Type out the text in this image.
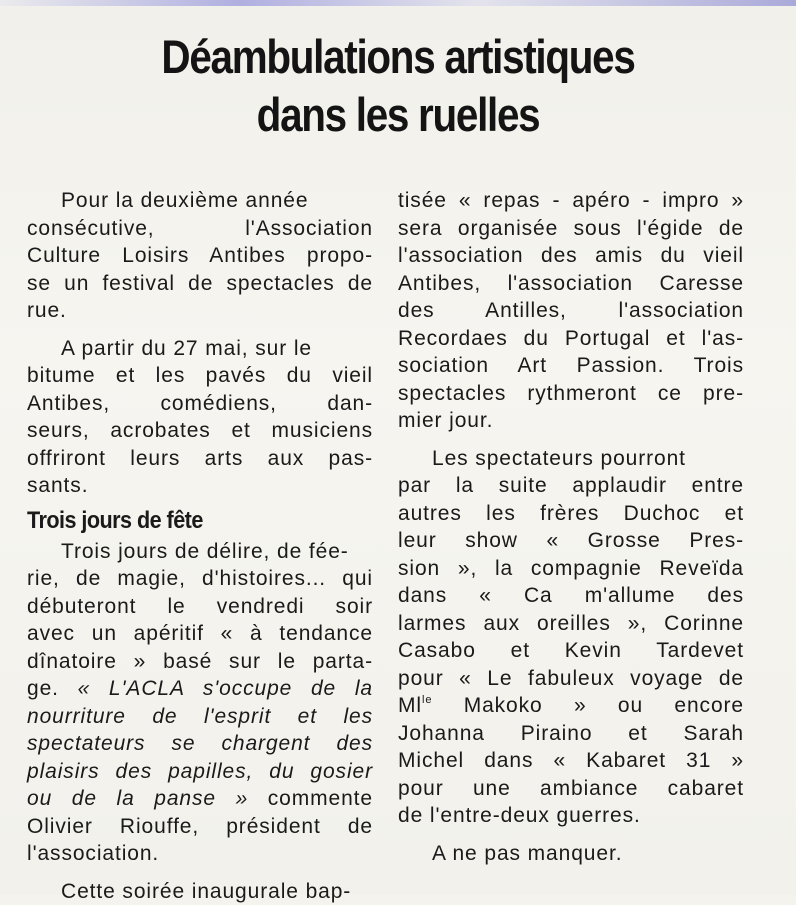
Déambulations artistiques
dans les ruelles
Pour la deuxième année
consécutive, l'Association
Culture Loisirs Antibes propo-
se un festival de spectacles de
rue.
A partir du 27 mai, sur le
bitume et les pavés du vieil
Antibes, comédiens, dan-
seurs, acrobates et musiciens
offriront leurs arts aux pas-
sants.
Trois jours de fête
Trois jours de délire, de fée-
rie, de magie, d'histoires... qui
débuteront le vendredi soir
avec un apéritif « à tendance
dînatoire » basé sur le parta-
ge. « L'ACLA s'occupe de la
nourriture de l'esprit et les
spectateurs se chargent des
plaisirs des papilles, du gosier
ou de la panse » commente
Olivier Riouffe, président de
l'association.
Cette soirée inaugurale bap-
tisée « repas - apéro - impro »
sera organisée sous l'égide de
l'association des amis du vieil
Antibes, l'association Caresse
des Antilles, l'association
Recordaes du Portugal et l'as-
sociation Art Passion. Trois
spectacles rythmeront ce pre-
mier jour.
Les spectateurs pourront
par la suite applaudir entre
autres les frères Duchoc et
leur show « Grosse Pres-
sion », la compagnie Reveïda
dans « Ca m'allume des
larmes aux oreilles », Corinne
Casabo et Kevin Tardevet
pour « Le fabuleux voyage de
$Ml^{le}$ Makoko » ou encore
Johanna Piraino et Sarah
Michel dans « Kabaret 31 »
pour une ambiance cabaret
de l'entre-deux guerres.
A ne pas manquer.
